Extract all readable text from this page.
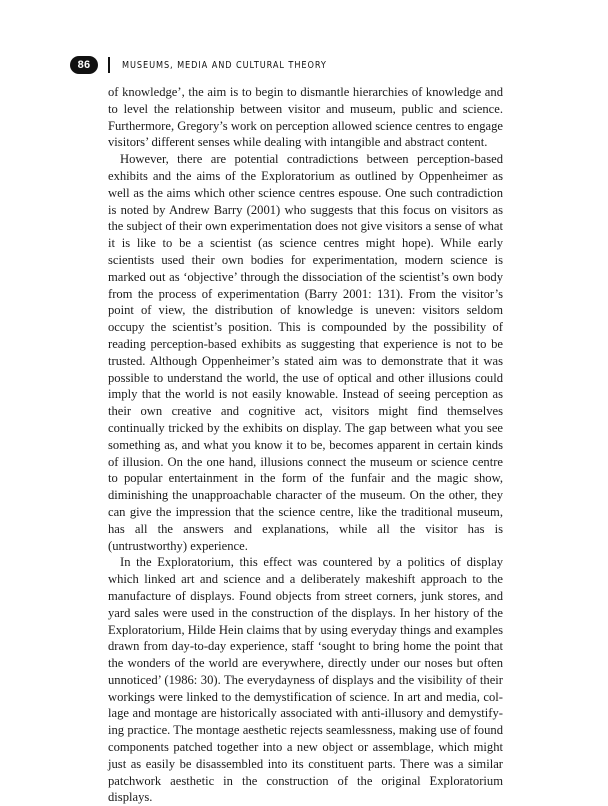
86	MUSEUMS, MEDIA AND CULTURAL THEORY

of knowledge’, the aim is to begin to dismantle hierarchies of knowledge and to level the relationship between visitor and museum, public and science. Furthermore, Gregory’s work on perception allowed science centres to engage visitors’ different senses while dealing with intangible and abstract content.

However, there are potential contradictions between perception-based exhibits and the aims of the Exploratorium as outlined by Oppenheimer as well as the aims which other science centres espouse. One such contradiction is noted by Andrew Barry (2001) who suggests that this focus on visitors as the subject of their own experimentation does not give visitors a sense of what it is like to be a scientist (as science centres might hope). While early scientists used their own bodies for experimentation, modern science is marked out as ‘objective’ through the dissociation of the scientist’s own body from the process of experimentation (Barry 2001: 131). From the visitor’s point of view, the distribution of knowledge is uneven: visitors seldom occupy the scientist’s position. This is compounded by the possibility of reading perception-based exhibits as suggesting that experience is not to be trusted. Although Oppenheimer’s stated aim was to demonstrate that it was possible to understand the world, the use of optical and other illusions could imply that the world is not easily knowable. Instead of seeing perception as their own creative and cognitive act, visitors might find themselves continually tricked by the exhibits on display. The gap between what you see something as, and what you know it to be, becomes apparent in certain kinds of illusion. On the one hand, illusions connect the museum or science centre to popular entertainment in the form of the funfair and the magic show, diminishing the unapproachable character of the museum. On the other, they can give the impression that the science centre, like the traditional museum, has all the answers and explanations, while all the visitor has is (untrustworthy) experience.

In the Exploratorium, this effect was countered by a politics of display which linked art and science and a deliberately makeshift approach to the manufacture of displays. Found objects from street corners, junk stores, and yard sales were used in the construction of the displays. In her history of the Exploratorium, Hilde Hein claims that by using everyday things and examples drawn from day-to-day experience, staff ‘sought to bring home the point that the wonders of the world are everywhere, directly under our noses but often unnoticed’ (1986: 30). The everydayness of displays and the visibility of their workings were linked to the demystification of science. In art and media, collage and montage are historically associated with anti-illusory and demystifying practice. The montage aesthetic rejects seamlessness, making use of found components patched together into a new object or assemblage, which might just as easily be disassembled into its constituent parts. There was a similar patchwork aesthetic in the construction of the original Exploratorium displays.
